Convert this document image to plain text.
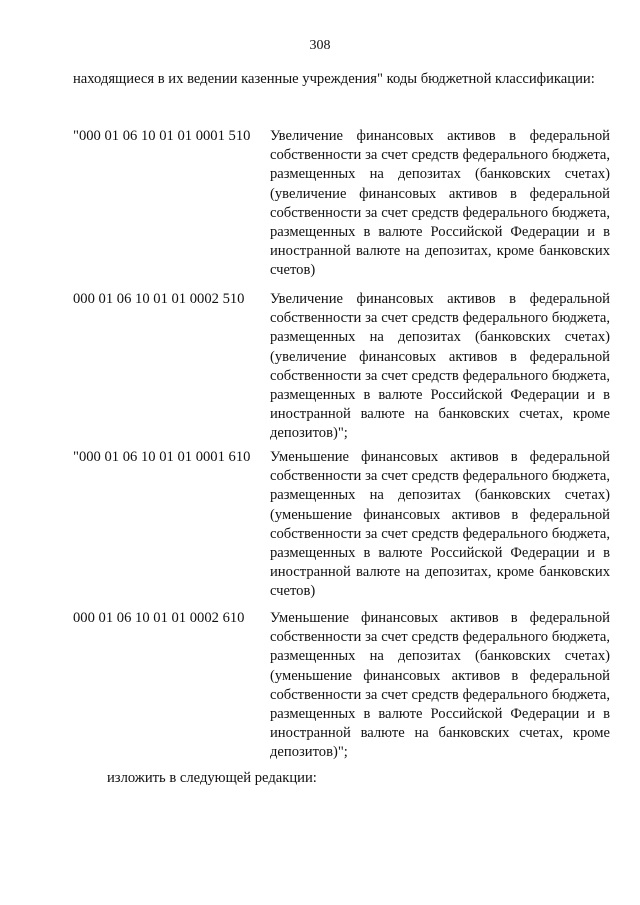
308
находящиеся в их ведении казенные учреждения" коды бюджетной классификации:
"000 01 06 10 01 01 0001 510	Увеличение финансовых активов в федеральной собственности за счет средств федерального бюджета, размещенных на депозитах (банковских счетах) (увеличение финансовых активов в федеральной собственности за счет средств федерального бюджета, размещенных в валюте Российской Федерации и в иностранной валюте на депозитах, кроме банковских счетов)
000 01 06 10 01 01 0002 510	Увеличение финансовых активов в федеральной собственности за счет средств федерального бюджета, размещенных на депозитах (банковских счетах) (увеличение финансовых активов в федеральной собственности за счет средств федерального бюджета, размещенных в валюте Российской Федерации и в иностранной валюте на банковских счетах, кроме депозитов)";
"000 01 06 10 01 01 0001 610	Уменьшение финансовых активов в федеральной собственности за счет средств федерального бюджета, размещенных на депозитах (банковских счетах) (уменьшение финансовых активов в федеральной собственности за счет средств федерального бюджета, размещенных в валюте Российской Федерации и в иностранной валюте на депозитах, кроме банковских счетов)
000 01 06 10 01 01 0002 610	Уменьшение финансовых активов в федеральной собственности за счет средств федерального бюджета, размещенных на депозитах (банковских счетах) (уменьшение финансовых активов в федеральной собственности за счет средств федерального бюджета, размещенных в валюте Российской Федерации и в иностранной валюте на банковских счетах, кроме депозитов)";
изложить в следующей редакции:
